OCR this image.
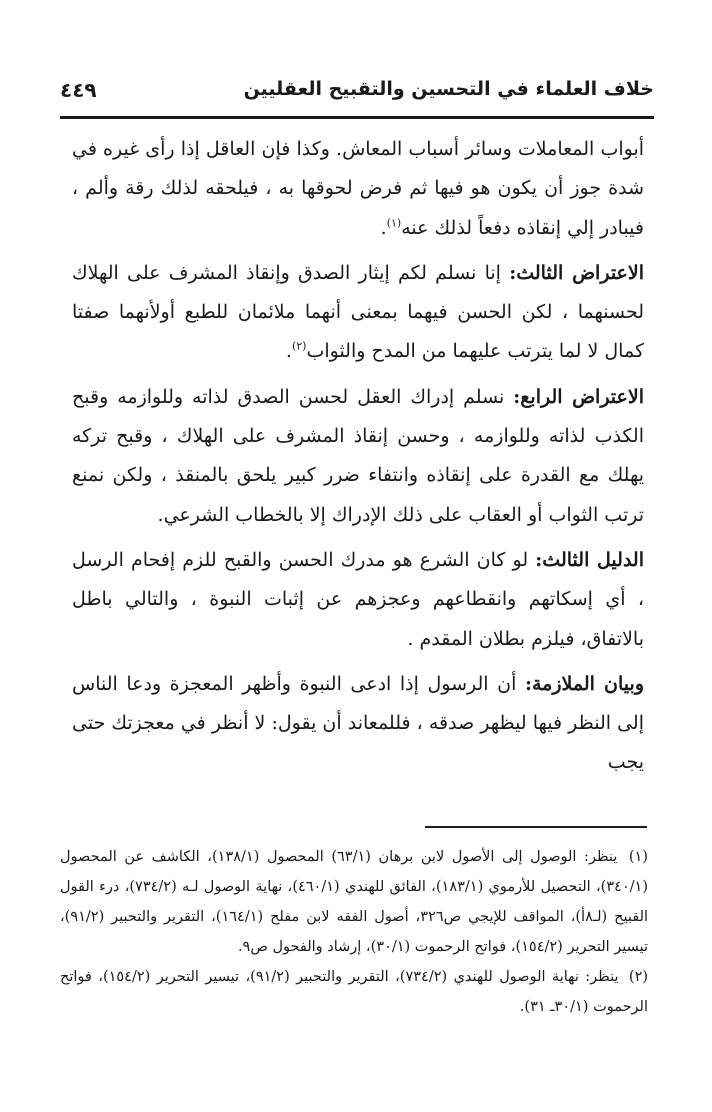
خلاف العلماء في التحسين والتقبيح العقليين
٤٤٩

أبواب المعاملات وسائر أسباب المعاش. وكذا فإن العاقل إذا رأى غيره في شدة جوز أن يكون هو فيها ثم فرض لحوقها به ، فيلحقه لذلك رقة وألم ، فيبادر إلي إنقاذه دفعاً لذلك عنه$^{(١)}$.

الاعتراض الثالث: إنا نسلم لكم إيثار الصدق وإنقاذ المشرف على الهلاك لحسنهما ، لكن الحسن فيهما بمعنى أنهما ملائمان للطبع أولأنهما صفتا كمال لا لما يترتب عليهما من المدح والثواب$^{(٢)}$.

الاعتراض الرابع: نسلم إدراك العقل لحسن الصدق لذاته وللوازمه وقبح الكذب لذاته وللوازمه ، وحسن إنقاذ المشرف على الهلاك ، وقبح تركه يهلك مع القدرة على إنقاذه وانتفاء ضرر كبير يلحق بالمنقذ ، ولكن نمنع ترتب الثواب أو العقاب على ذلك الإدراك إلا بالخطاب الشرعي.

الدليل الثالث: لو كان الشرع هو مدرك الحسن والقبح للزم إفحام الرسل ، أي إسكاتهم وانقطاعهم وعجزهم عن إثبات النبوة ، والتالي باطل بالاتفاق، فيلزم بطلان المقدم .

وبيان الملازمة: أن الرسول إذا ادعى النبوة وأظهر المعجزة ودعا الناس إلى النظر فيها ليظهر صدقه ، فللمعاند أن يقول: لا أنظر في معجزتك حتى يجب

(١) ينظر: الوصول إلى الأصول لابن برهان (٦٣/١) المحصول (١٣٨/١)، الكاشف عن المحصول (٣٤٠/١)، التحصيل للأرموي (١٨٣/١)، الفائق للهندي (٤٦٠/١)، نهاية الوصول لـه (٧٣٤/٢)، درء القول القبيح (لـ٨أ)، المواقف للإيجي ص٣٢٦، أصول الفقه لابن مفلح (١٦٤/١)، التقرير والتحبير (٩١/٢)، تيسير التحرير (١٥٤/٢)، فواتح الرحموت (٣٠/١)، إرشاد والفحول ص٩.

(٢) ينظر: نهاية الوصول للهندي (٧٣٤/٢)، التقرير والتحبير (٩١/٢)، تيسير التحرير (١٥٤/٢)، فواتح الرحموت (٣٠/١ـ ٣١).
